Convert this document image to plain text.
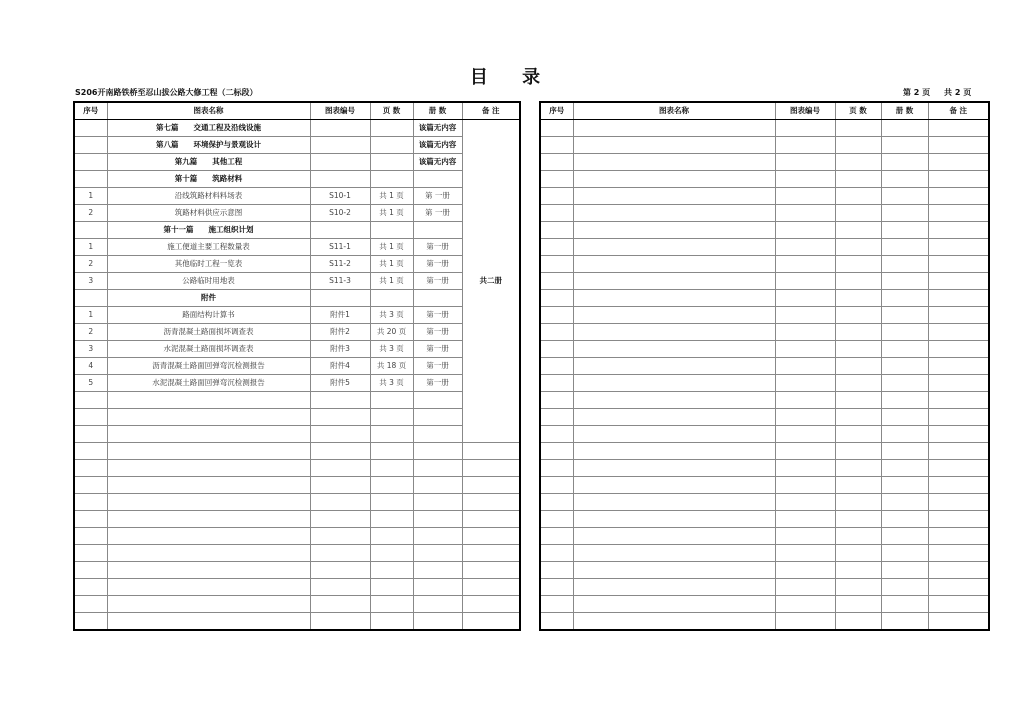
目 录
S206开南路铁桥至忍山拔公路大修工程（二标段）	第 2 页     共 2 页
序号	图表名称	图表编号	页 数	册 数	备 注
	第七篇　　交通工程及沿线设施			该篇无内容	共二册
	第八篇　　环境保护与景观设计			该篇无内容	
	第九篇　　其他工程			该篇无内容	
	第十篇　　筑路材料				
1	沿线筑路材料料场表	S10-1	共 1 页	第 一册	
2	筑路材料供应示意图	S10-2	共 1 页	第 一册	
	第十一篇　　施工组织计划				
1	施工便道主要工程数量表	S11-1	共 1 页	第一册	
2	其他临时工程一览表	S11-2	共 1 页	第一册	
3	公路临时用地表	S11-3	共 1 页	第一册	
	附件				
1	路面结构计算书	附件1	共 3 页	第一册	
2	沥青混凝土路面损坏调查表	附件2	共 20 页	第一册	
3	水泥混凝土路面损坏调查表	附件3	共 3 页	第一册	
4	沥青混凝土路面回弹弯沉检测报告	附件4	共 18 页	第一册	
5	水泥混凝土路面回弹弯沉检测报告	附件5	共 3 页	第一册	

序号	图表名称	图表编号	页 数	册 数	备 注
